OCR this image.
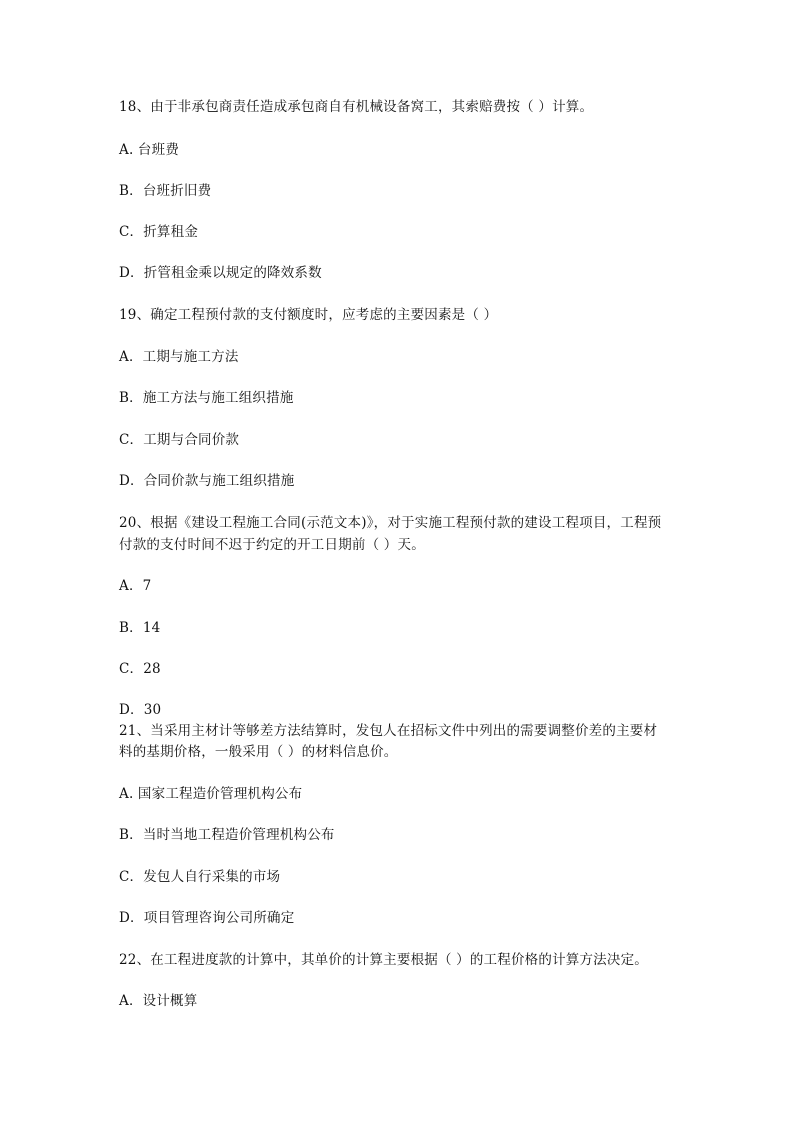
18、由于非承包商责任造成承包商自有机械设备窝工，其索赔费按（ ）计算。
A. 台班费
B．台班折旧费
C．折算租金
D．折管租金乘以规定的降效系数
19、确定工程预付款的支付额度时，应考虑的主要因素是（ ）
A．工期与施工方法
B．施工方法与施工组织措施
C．工期与合同价款
D．合同价款与施工组织措施
20、根据《建设工程施工合同(示范文本)》，对于实施工程预付款的建设工程项目，工程预
付款的支付时间不迟于约定的开工日期前（ ）天。
A．7
B．14
C．28
D．30
21、当采用主材计等够差方法结算时，发包人在招标文件中列出的需要调整价差的主要材
料的基期价格，一般采用（ ）的材料信息价。
A. 国家工程造价管理机构公布
B．当时当地工程造价管理机构公布
C．发包人自行采集的市场
D．项目管理咨询公司所确定
22、在工程进度款的计算中，其单价的计算主要根据（ ）的工程价格的计算方法决定。
A．设计概算
